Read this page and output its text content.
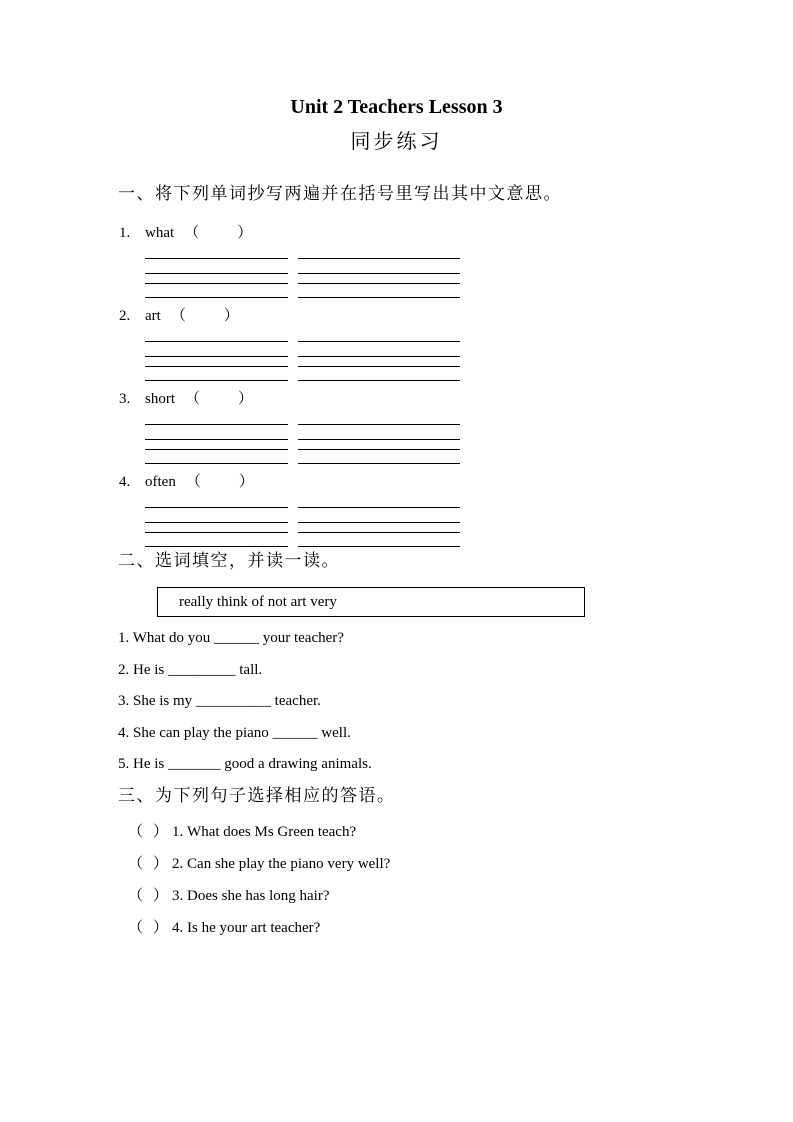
Unit 2 Teachers Lesson 3
同步练习
一、将下列单词抄写两遍并在括号里写出其中文意思。
1. what （	）
2. art （	）
3. short （	）
4. often （	）
二、选词填空，并读一读。
really think of not art very
1. What do you ______ your teacher?
2. He is _________ tall.
3. She is my __________ teacher.
4. She can play the piano ______ well.
5. He is _______ good a drawing animals.
三、为下列句子选择相应的答语。
（ ） 1. What does Ms Green teach?
（ ） 2. Can she play the piano very well?
（ ） 3. Does she has long hair?
（ ） 4. Is he your art teacher?
